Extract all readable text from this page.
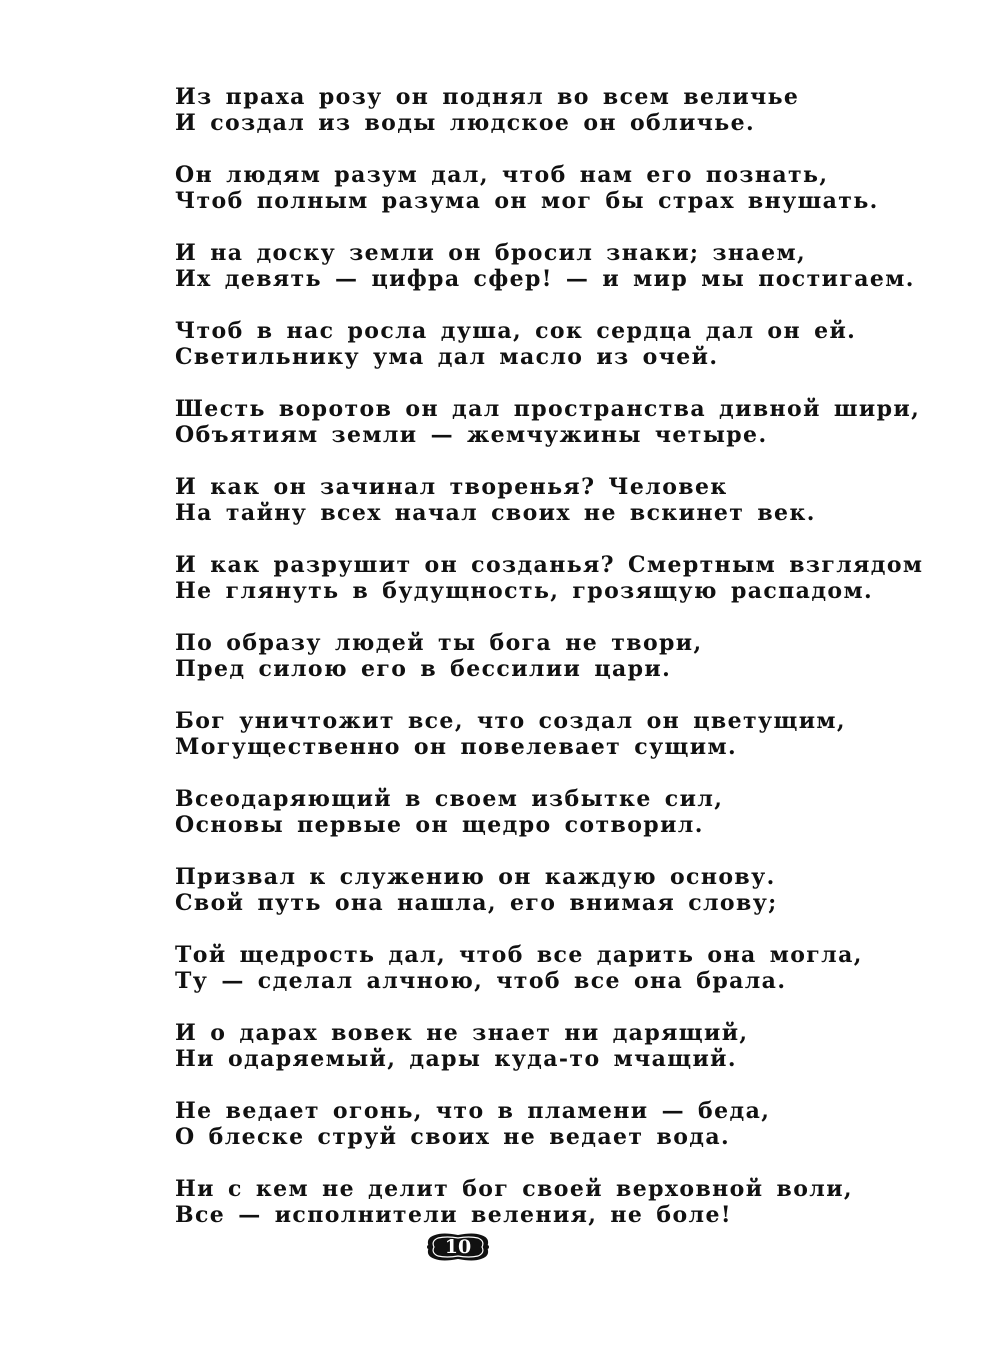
Из праха розу он поднял во всем величье
И создал из воды людское он обличье.
Он людям разум дал, чтоб нам его познать,
Чтоб полным разума он мог бы страх внушать.
И на доску земли он бросил знаки; знаем,
Их девять — цифра сфер! — и мир мы постигаем.
Чтоб в нас росла душа, сок сердца дал он ей.
Светильнику ума дал масло из очей.
Шесть воротов он дал пространства дивной шири,
Объятиям земли — жемчужины четыре.
И как он зачинал творенья? Человек
На тайну всех начал своих не вскинет век.
И как разрушит он созданья? Смертным взглядом
Не глянуть в будущность, грозящую распадом.
По образу людей ты бога не твори,
Пред силою его в бессилии цари.
Бог уничтожит все, что создал он цветущим,
Могущественно он повелевает сущим.
Всеодаряющий в своем избытке сил,
Основы первые он щедро сотворил.
Призвал к служению он каждую основу.
Свой путь она нашла, его внимая слову;
Той щедрость дал, чтоб все дарить она могла,
Ту — сделал алчною, чтоб все она брала.
И о дарах вовек не знает ни дарящий,
Ни одаряемый, дары куда-то мчащий.
Не ведает огонь, что в пламени — беда,
О блеске струй своих не ведает вода.
Ни с кем не делит бог своей верховной воли,
Все — исполнители веления, не боле!
10
